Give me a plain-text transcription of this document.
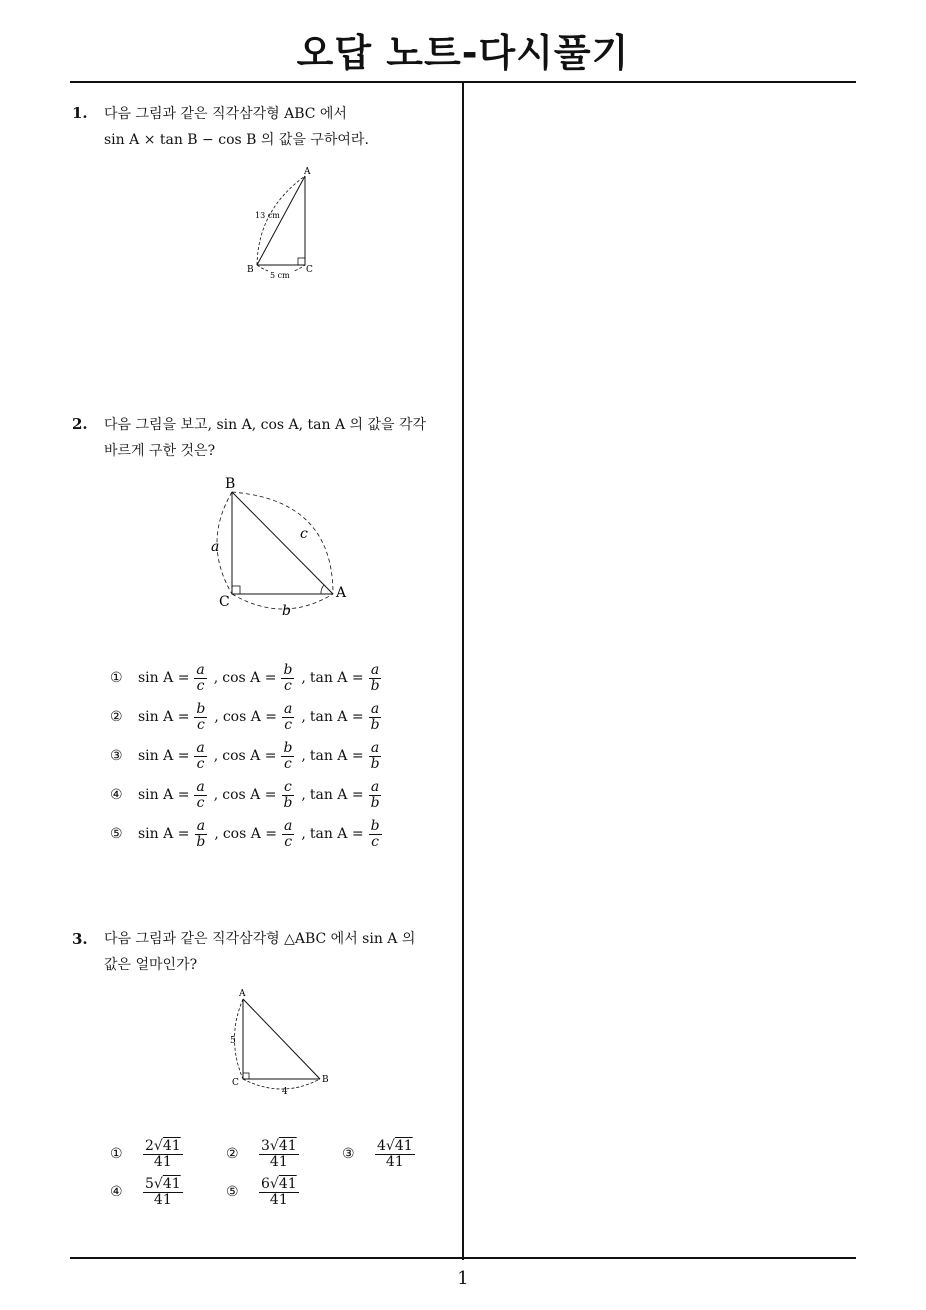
오답 노트-다시풀기
1. 다음 그림과 같은 직각삼각형 ABC 에서
sin A × tan B − cos B 의 값을 구하여라.
A
B	C
13 cm
5 cm
2. 다음 그림을 보고, sin A, cos A, tan A 의 값을 각각
바르게 구한 것은?
B
A
C
a
b
c
①	$\sin A = \frac{a}{c}$ , $\cos A = \frac{b}{c}$ , $\tan A = \frac{a}{b}$
②	$\sin A = \frac{b}{c}$ , $\cos A = \frac{a}{c}$ , $\tan A = \frac{a}{b}$
③	$\sin A = \frac{a}{c}$ , $\cos A = \frac{b}{c}$ , $\tan A = \frac{a}{b}$
④	$\sin A = \frac{a}{c}$ , $\cos A = \frac{c}{b}$ , $\tan A = \frac{a}{b}$
⑤	$\sin A = \frac{a}{b}$ , $\cos A = \frac{a}{c}$ , $\tan A = \frac{b}{c}$
3. 다음 그림과 같은 직각삼각형 △ABC 에서 sin A 의
값은 얼마인가?
A
B
C
5
4
①	$\frac{2√41}{41}$	②	$\frac{3√41}{41}$	③	$\frac{4√41}{41}$
④	$\frac{5√41}{41}$	⑤	$\frac{6√41}{41}$
1
